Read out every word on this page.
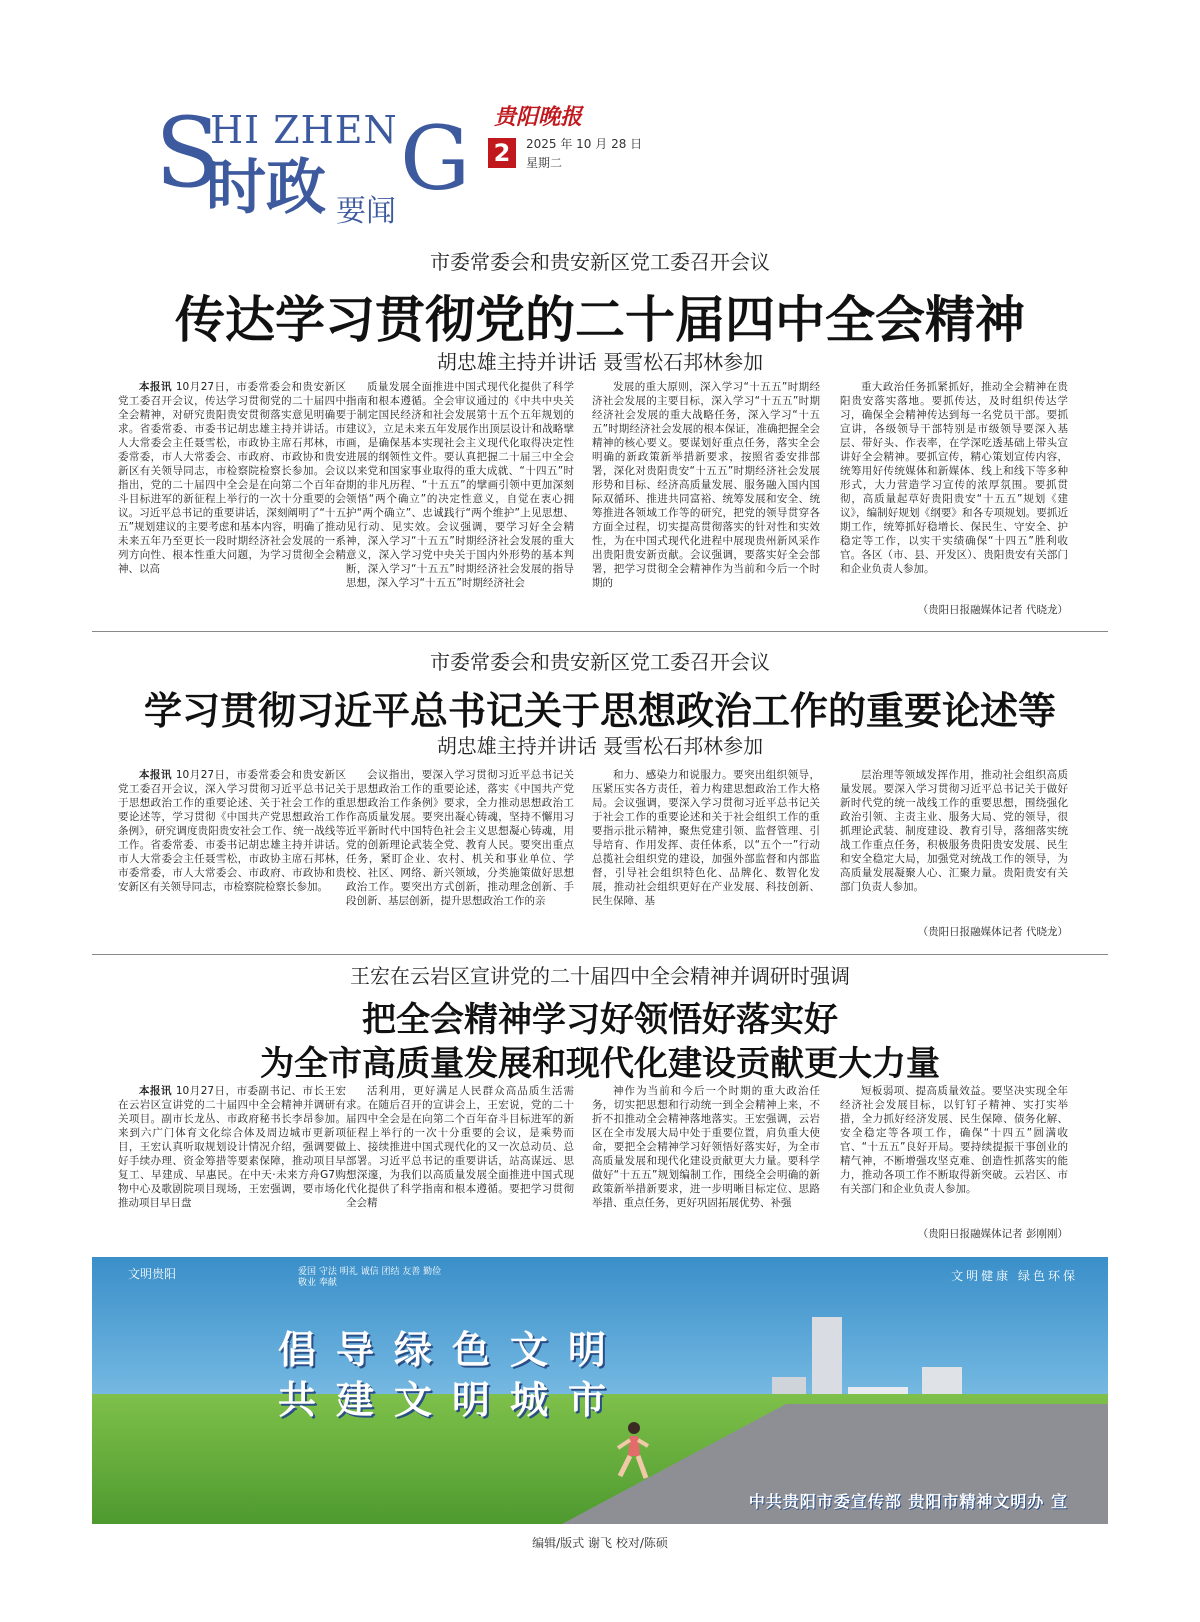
S
HI ZHEN G
时政 要闻
贵阳晚报
2	2025 年 10 月 28 日
星期二
市委常委会和贵安新区党工委召开会议
传达学习贯彻党的二十届四中全会精神
胡忠雄主持并讲话 聂雪松石邦林参加

本报讯 10月27日，市委常委会和贵安新区党工委召开会议，传达学习贯彻党的二十届四中全会精神，对研究贵阳贵安贯彻落实意见明确要求。省委常委、市委书记胡忠雄主持并讲话。市人大常委会主任聂雪松，市政协主席石邦林，市委常委，市人大常委会、市政府、市政协和贵安新区有关领导同志，市检察院检察长参加。会议指出，党的二十届四中全会是在向第二个百年奋斗目标进军的新征程上举行的一次十分重要的会议。习近平总书记的重要讲话，深刻阐明了“十五五”规划建议的主要考虑和基本内容，明确了推动未来五年乃至更长一段时期经济社会发展的一系列方向性、根本性重大问题，为学习贯彻全会精神、以高

质量发展全面推进中国式现代化提供了科学指南和根本遵循。全会审议通过的《中共中央关于制定国民经济和社会发展第十五个五年规划的建议》，立足未来五年发展作出顶层设计和战略擘画，是确保基本实现社会主义现代化取得决定性进展的纲领性文件。要认真把握二十届三中全会以来党和国家事业取得的重大成就、“十四五”时期的非凡历程、“十五五”的擘画引领中更加深刻领悟“两个确立”的决定性意义，自觉在衷心拥护“两个确立”、忠诚践行“两个维护”上见思想、见行动、见实效。会议强调，要学习好全会精神，深入学习“十五五”时期经济社会发展的重大意义，深入学习党中央关于国内外形势的基本判断，深入学习“十五五”时期经济社会发展的指导思想，深入学习“十五五”时期经济社会

发展的重大原则，深入学习“十五五”时期经济社会发展的主要目标，深入学习“十五五”时期经济社会发展的重大战略任务，深入学习“十五五”时期经济社会发展的根本保证，准确把握全会精神的核心要义。要谋划好重点任务，落实全会明确的新政策新举措新要求，按照省委安排部署，深化对贵阳贵安“十五五”时期经济社会发展形势和目标、经济高质量发展、服务融入国内国际双循环、推进共同富裕、统筹发展和安全、统筹推进各领域工作等的研究，把党的领导贯穿各方面全过程，切实提高贯彻落实的针对性和实效性，为在中国式现代化进程中展现贵州新风采作出贵阳贵安新贡献。会议强调，要落实好全会部署，把学习贯彻全会精神作为当前和今后一个时期的

重大政治任务抓紧抓好，推动全会精神在贵阳贵安落实落地。要抓传达，及时组织传达学习，确保全会精神传达到每一名党员干部。要抓宣讲，各级领导干部特别是市级领导要深入基层、带好头、作表率，在学深吃透基础上带头宣讲好全会精神。要抓宣传，精心策划宣传内容，统筹用好传统媒体和新媒体、线上和线下等多种形式，大力营造学习宣传的浓厚氛围。要抓贯彻，高质量起草好贵阳贵安“十五五”规划《建议》，编制好规划《纲要》和各专项规划。要抓近期工作，统筹抓好稳增长、保民生、守安全、护稳定等工作，以实干实绩确保“十四五”胜利收官。各区（市、县、开发区）、贵阳贵安有关部门和企业负责人参加。

（贵阳日报融媒体记者 代晓龙）
市委常委会和贵安新区党工委召开会议
学习贯彻习近平总书记关于思想政治工作的重要论述等
胡忠雄主持并讲话 聂雪松石邦林参加

本报讯 10月27日，市委常委会和贵安新区党工委召开会议，深入学习贯彻习近平总书记关于思想政治工作的重要论述、关于社会工作的重要论述等，学习贯彻《中国共产党思想政治工作条例》，研究调度贵阳贵安社会工作、统一战线等工作。省委常委、市委书记胡忠雄主持并讲话。市人大常委会主任聂雪松，市政协主席石邦林，市委常委，市人大常委会、市政府、市政协和贵安新区有关领导同志，市检察院检察长参加。

会议指出，要深入学习贯彻习近平总书记关于思想政治工作的重要论述，落实《中国共产党思想政治工作条例》要求，全力推动思想政治工作高质量发展。要突出凝心铸魂，坚持不懈用习近平新时代中国特色社会主义思想凝心铸魂，用党的创新理论武装全党、教育人民。要突出重点任务，紧盯企业、农村、机关和事业单位、学校、社区、网络、新兴领域，分类施策做好思想政治工作。要突出方式创新，推动理念创新、手段创新、基层创新，提升思想政治工作的亲

和力、感染力和说服力。要突出组织领导，压紧压实各方责任，着力构建思想政治工作大格局。会议强调，要深入学习贯彻习近平总书记关于社会工作的重要论述和关于社会组织工作的重要指示批示精神，聚焦党建引领、监督管理、引导培育、作用发挥、责任体系，以“五个一”行动总揽社会组织党的建设，加强外部监督和内部监督，引导社会组织特色化、品牌化、数智化发展，推动社会组织更好在产业发展、科技创新、民生保障、基

层治理等领域发挥作用，推动社会组织高质量发展。要深入学习贯彻习近平总书记关于做好新时代党的统一战线工作的重要思想，围绕强化政治引领、主责主业、服务大局、党的领导，很抓理论武装、制度建设、教育引导，落细落实统战工作重点任务，积极服务贵阳贵安发展、民生和安全稳定大局，加强党对统战工作的领导，为高质量发展凝聚人心、汇聚力量。贵阳贵安有关部门负责人参加。

（贵阳日报融媒体记者 代晓龙）
王宏在云岩区宣讲党的二十届四中全会精神并调研时强调
把全会精神学习好领悟好落实好
为全市高质量发展和现代化建设贡献更大力量

本报讯 10月27日，市委副书记、市长王宏在云岩区宣讲党的二十届四中全会精神并调研有关项目。副市长龙丛、市政府秘书长李昂参加。来到六广门体育文化综合体及周边城市更新项目，王宏认真听取规划设计情况介绍，强调要做好手续办理、资金筹措等要素保障，推动项目早复工、早建成、早惠民。在中天·未来方舟G7购物中心及歌剧院项目现场，王宏强调，要市场化推动项目早日盘

活利用，更好满足人民群众高品质生活需求。在随后召开的宣讲会上，王宏说，党的二十届四中全会是在向第二个百年奋斗目标进军的新征程上举行的一次十分重要的会议，是乘势而上、接续推进中国式现代化的又一次总动员、总部署。习近平总书记的重要讲话，站高谋远、思想深邃，为我们以高质量发展全面推进中国式现代化提供了科学指南和根本遵循。要把学习贯彻全会精

神作为当前和今后一个时期的重大政治任务，切实把思想和行动统一到全会精神上来，不折不扣推动全会精神落地落实。王宏强调，云岩区在全市发展大局中处于重要位置，肩负重大使命，要把全会精神学习好领悟好落实好，为全市高质量发展和现代化建设贡献更大力量。要科学做好“十五五”规划编制工作，围绕全会明确的新政策新举措新要求，进一步明晰目标定位、思路举措、重点任务，更好巩固拓展优势、补强

短板弱项、提高质量效益。要坚决实现全年经济社会发展目标，以钉钉子精神、实打实举措，全力抓好经济发展、民生保障、债务化解、安全稳定等各项工作，确保“十四五”圆满收官、“十五五”良好开局。要持续提振干事创业的精气神，不断增强攻坚克难、创造性抓落实的能力，推动各项工作不断取得新突破。云岩区、市有关部门和企业负责人参加。

（贵阳日报融媒体记者 彭刚刚）
文明贵阳	爱国 守法 明礼 诚信 团结 友善 勤俭 敬业 奉献	文明健康 绿色环保
倡导绿色文明
共建文明城市
中共贵阳市委宣传部 贵阳市精神文明办 宣
编辑/版式 谢飞 校对/陈硕
